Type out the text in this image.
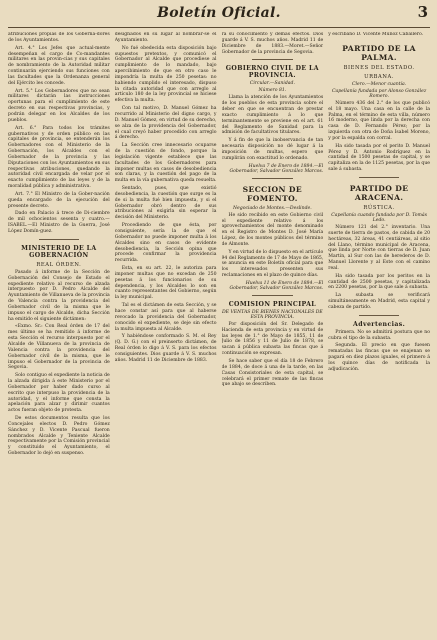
Boletín Oficial.	3

atribuciones propias de los Goberna-dores de los Ayuntamientos.

Art. 4.° Los Jefes que actual-mente desempeñan el cargo de Co-mandantes militares en las provin-cias y sus capitales de nombramiento de la Autoridad militar continuarán ejerciendo sus funciones con las facultades que la Ordenanza general del Ejército les concede.

Art. 5.° Los Gobernadores que no sean militares dictarán las instrucciones oportunas para el cumplimiento de este decreto en sus respectivas provincias, y podrán delegar en los Alcaldes de los pueblos.

Art. 6.° Para todos los trámites gubernativos y de orden público en las capitales de provincia, se entenderán los Gobernadores con el Ministerio de la Gobernación, los Alcaldes con el Gobernador de la provincia y las Diputaciones con los Ayuntamientos en sus respectivas atribuciones, quedando la autoridad civil encargada de velar por el exacto cumplimiento de las leyes y de la moralidad pública y administrativa.

Art. 7.° El Ministro de la Gober-nación queda encargado de la ejecución del presente decreto.

Dado en Palacio á trece de Di-ciembre de mil ochocientos sesenta y cuatro.—ISABEL.—El Ministro de la Guerra, José López Domín-guez.

MINISTERIO DE LA GOBERNACIÓN
REAL ÓRDEN.

Pasado á informe de la Sección de Gobernación del Consejo de Estado el expediente relativo al recurso de alzada interpuesto por D. Pedro Alcalde del Ayuntamiento de Villanueva de la provincia de Valencia contra la providencia del Gobernador civil de la misma que le impuso el cargo de Alcalde, dicha Sección ha emitido el siguiente dictámen:

«Exmo. Sr.: Con Real órden de 17 del mes último se ha remitido á informe de esta Sección el recurso interpuesto por el Alcalde de Villanueva de la provincia de Valencia contra la providencia del Gobernador civil de la misma, que le impuso el Gobernador de la provincia de Segovia.

Solo contiguo el expediente la noticia de la alzada dirigida á este Ministerio por el Gobernador por haber dado curso al escrito que interpuso la providencia de la autoridad, y el informe que consta la apelación para alzar y dirimir cuantos actos fueran objeto de protesta.

De estos documentos resulta que los Concejales electos D. Pedro Gómez Sánchez y D. Vicente Pascual fueron nombrados Alcalde y Teniente Alcalde respectivamente por la Comisión provincial y constituido el Ayuntamiento, el Gobernador lo dejó en suspenso.

designados en su lugar al nombrar-se el Ayuntamiento.

No fué obedecida esta disposición bajo supuestos pretextos, y comunicó el Gobernador al Alcalde que procediese al cumplimiento de lo mandado, bajo apercibimiento de que en otro caso le impondría la multa de 250 pesetas: no habiendo cumplido el interesado, dispuso la citada autoridad que con arreglo al artículo 180 de la ley provincial se hiciese efectiva la multa.

Con tal motivo, D. Manuel Gómez ha recurrido al Ministerio del digno cargo, y D. Manuel Gómez, en virtud de su derecho, se alza de la providencia del Gobernador, el cual creyó haber procedido con arreglo á derecho.

La Sección cree innecesario ocuparse de la cuestión de fondo, porque la legislación vigente establece que las facultades de los Gobernadores para imponer multas en casos de desobediencia son claras, y la cuestión del pago de la multa en la vía gubernativa queda resuelta.

Sentado, pues, que existió desobediencia, la cuestión que surge es la de si la multa fué bien impuesta, y si el Gobernador obró dentro de sus atribuciones al exigirla sin esperar la decisión del Ministerio.

Procediendo de que ésta, por consiguiente, sería la de que el Gobernador no puede imponer multa á los Alcaldes sino en casos de evidente desobediencia, la Sección opina que procede confirmar la providencia recurrida.

Esta, en su art. 22, le autoriza para imponer multas que no excedan de 250 pesetas á los funcionarios de su dependencia, y los Alcaldes lo son en cuanto representantes del Gobierno, según la ley municipal.

Tal es el dictámen de esta Sección, y se hace constar así para que al haberse revocado la providencia del Gobernador, conocido el expediente, se deje sin efecto la multa impuesta al Alcalde.

Y habiéndose conformado S. M. el Rey (Q. D. G.) con el preinserto dictámen, de Real órden lo digo á V. S. para los efectos consiguientes. Dios guarde á V. S. muchos años. Madrid 11 de Diciembre de 1883.

ra su conocimiento y demás efectos. Dios guarde á V. S. muchos años. Madrid 11 de Diciembre de 1883.—Moret.—Señor Gobernador de la provincia de Segovia.

GOBIERNO CIVIL DE LA PROVINCIA.
Circular.—Sanidad.
Número 81.

Llama la atención de los Ayuntamientos de los pueblos de esta provincia sobre el deber en que se encuentran de prestar exacto cumplimiento á lo que terminantemente se previene en el art. 61 del Reglamento de Sanidad para la admisión de facultativos titulares.

Y á fin de que la inobservancia de tan necesaria disposición no dé lugar á la imposición de multas, espero que cumplirán con exactitud lo ordenado.

Huelva 7 de Enero de 1884.—El Gobernador, Salvador González Marcos.
SECCION DE FOMENTO.
Negociado de Montes.—Deslinde.

He sido recibido en este Gobierno civil el expediente relativo á los aprovechamientos del monte denominado en el Registro de Montes D. José María López, de los montes públicos del término de Almonte.

Y en virtud de lo dispuesto en el artículo 94 del Reglamento de 17 de Mayo de 1865, se anuncia en este Boletín oficial para que los interesados presenten sus reclamaciones en el plazo de quince días.

Huelva 11 de Enero de 1884.—El Gobernador, Salvador González Marcos.
COMISION PRINCIPAL
DE VENTAS DE BIENES NACIONALES DE ESTA PROVINCIA.

Por disposición del Sr. Delegado de Hacienda de esta provincia y en virtud de las leyes de 1.° de Mayo de 1855, 11 de Julio de 1856 y 11 de Julio de 1878, se sacan á pública subasta las fincas que á continuación se expresan.

Se hace saber que el día 18 de Febrero de 1884, de doce á una de la tarde, en las Casas Consistoriales de esta capital, se celebrará el primer remate de las fincas que abajo se describen.

y escribano D. Vicente Muñoz Caballero.

PARTIDO DE LA PALMA.
BIENES DEL ESTADO.
URBANA.
Clero.—Menor cuantía.
Capellanía fundada por Alonso González Romero.

Número 436 del 2.° de los que publicó el 18 mayo. Una casa en la calle de la Palma, en el término de esta villa, número 16 moderno, que linda por la derecha con casa de D. Fernando Pérez; por la izquierda con otra de Doña Isabel Moreno, y por la espalda con corral.

Ha sido tasada por el perito D. Manuel Pérez y D. Antonio Rodríguez en la cantidad de 1500 pesetas de capital, y se capitaliza en la de 1125 pesetas, por la que sale á subasta.

PARTIDO DE ARACENA.
RÚSTICA.
Capellanía cuando fundada por D. Tomás Ledo.

Número 121 del 2.° inventario. Una suerte de tierra de pastos, de cabida de 20 hectáreas, 32 áreas, 41 centiáreas, al sitio del Llano, término municipal de Aracena, que linda por Norte con tierras de D. Juan Martín, al Sur con las de herederos de D. Manuel Llorente y al Este con el camino real.

Ha sido tasada por los peritos en la cantidad de 2500 pesetas, y capitalizada en 2200 pesetas, por la que sale á subasta.

La subasta se verificará simultáneamente en Madrid, esta capital y cabeza de partido.

Advertencias.

Primera. No se admitirá postura que no cubra el tipo de la subasta.

Segunda. El precio en que fuesen rematadas las fincas que se enajenan se pagará en diez plazos iguales, el primero á los quince días de notificada la adjudicación.
